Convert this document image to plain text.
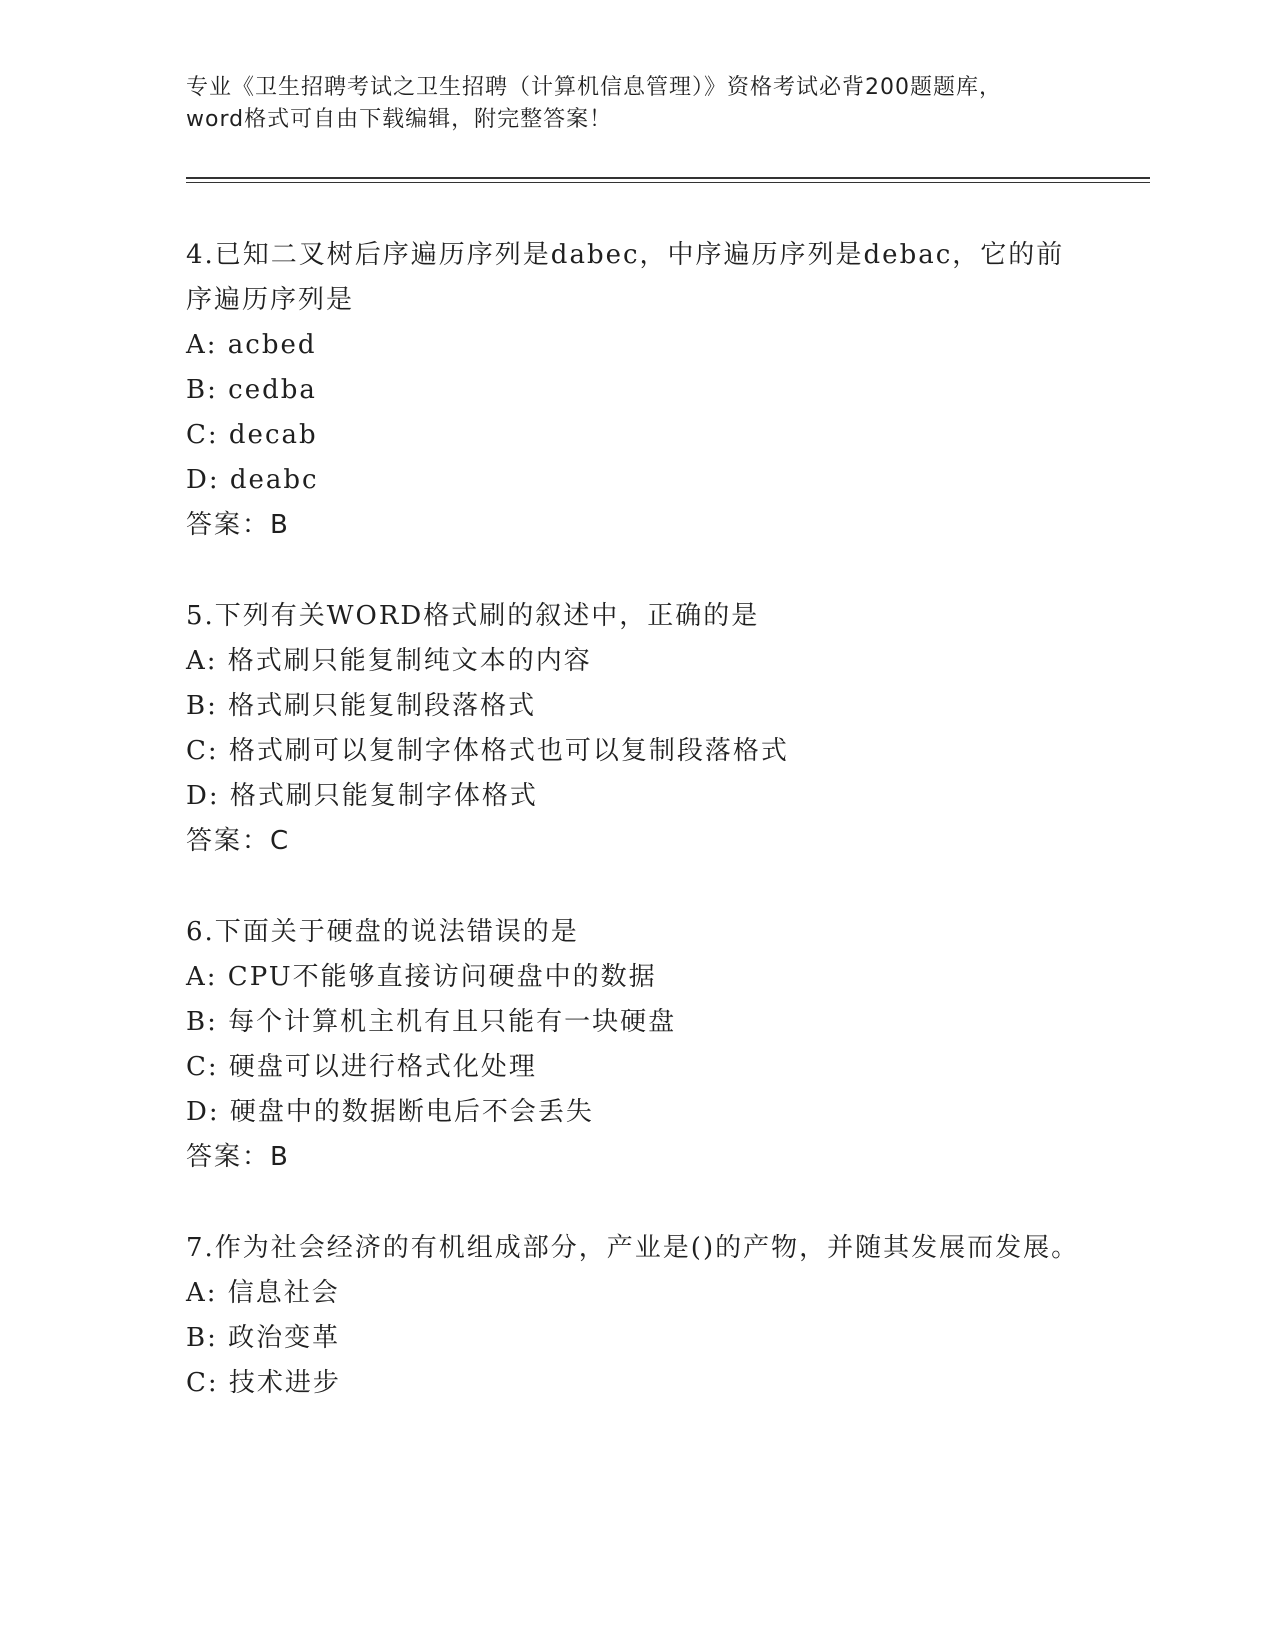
专业《卫生招聘考试之卫生招聘（计算机信息管理）》资格考试必背200题题库，
word格式可自由下载编辑，附完整答案！

4.已知二叉树后序遍历序列是dabec，中序遍历序列是debac，它的前序遍历序列是

A: acbed

B: cedba

C: decab

D: deabc

答案：B

5.下列有关WORD格式刷的叙述中，正确的是

A: 格式刷只能复制纯文本的内容

B: 格式刷只能复制段落格式

C: 格式刷可以复制字体格式也可以复制段落格式

D: 格式刷只能复制字体格式

答案：C

6.下面关于硬盘的说法错误的是

A: CPU不能够直接访问硬盘中的数据

B: 每个计算机主机有且只能有一块硬盘

C: 硬盘可以进行格式化处理

D: 硬盘中的数据断电后不会丢失

答案：B

7.作为社会经济的有机组成部分，产业是()的产物，并随其发展而发展。

A: 信息社会

B: 政治变革

C: 技术进步
